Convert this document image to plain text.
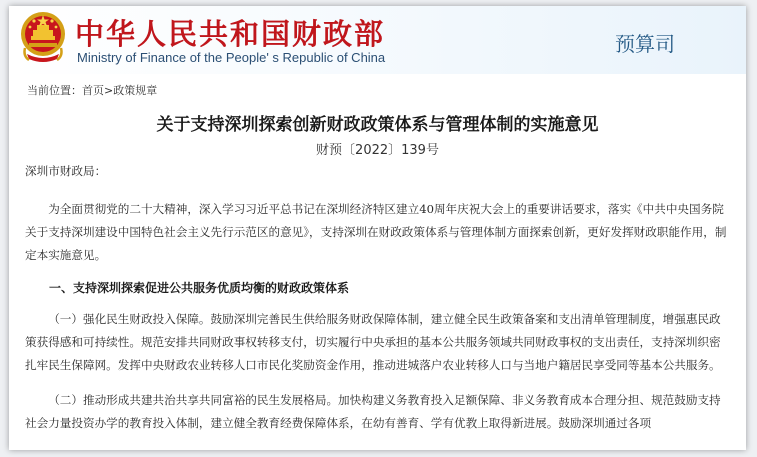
中华人民共和国财政部
Ministry of Finance of the People' s Republic of China
预算司
当前位置：首页>政策规章
关于支持深圳探索创新财政政策体系与管理体制的实施意见
财预〔2022〕139号

深圳市财政局：

为全面贯彻党的二十大精神，深入学习习近平总书记在深圳经济特区建立40周年庆祝大会上的重要讲话要求，落实《中共中央国务院关于支持深圳建设中国特色社会主义先行示范区的意见》，支持深圳在财政政策体系与管理体制方面探索创新，更好发挥财政职能作用，制定本实施意见。

一、支持深圳探索促进公共服务优质均衡的财政政策体系

（一）强化民生财政投入保障。鼓励深圳完善民生供给服务财政保障体制，建立健全民生政策备案和支出清单管理制度，增强惠民政策获得感和可持续性。规范安排共同财政事权转移支付，切实履行中央承担的基本公共服务领域共同财政事权的支出责任，支持深圳织密扎牢民生保障网。发挥中央财政农业转移人口市民化奖励资金作用，推动进城落户农业转移人口与当地户籍居民享受同等基本公共服务。

（二）推动形成共建共治共享共同富裕的民生发展格局。加快构建义务教育投入足额保障、非义务教育成本合理分担、规范鼓励支持社会力量投资办学的教育投入体制，建立健全教育经费保障体系，在幼有善育、学有优教上取得新进展。鼓励深圳通过各项
